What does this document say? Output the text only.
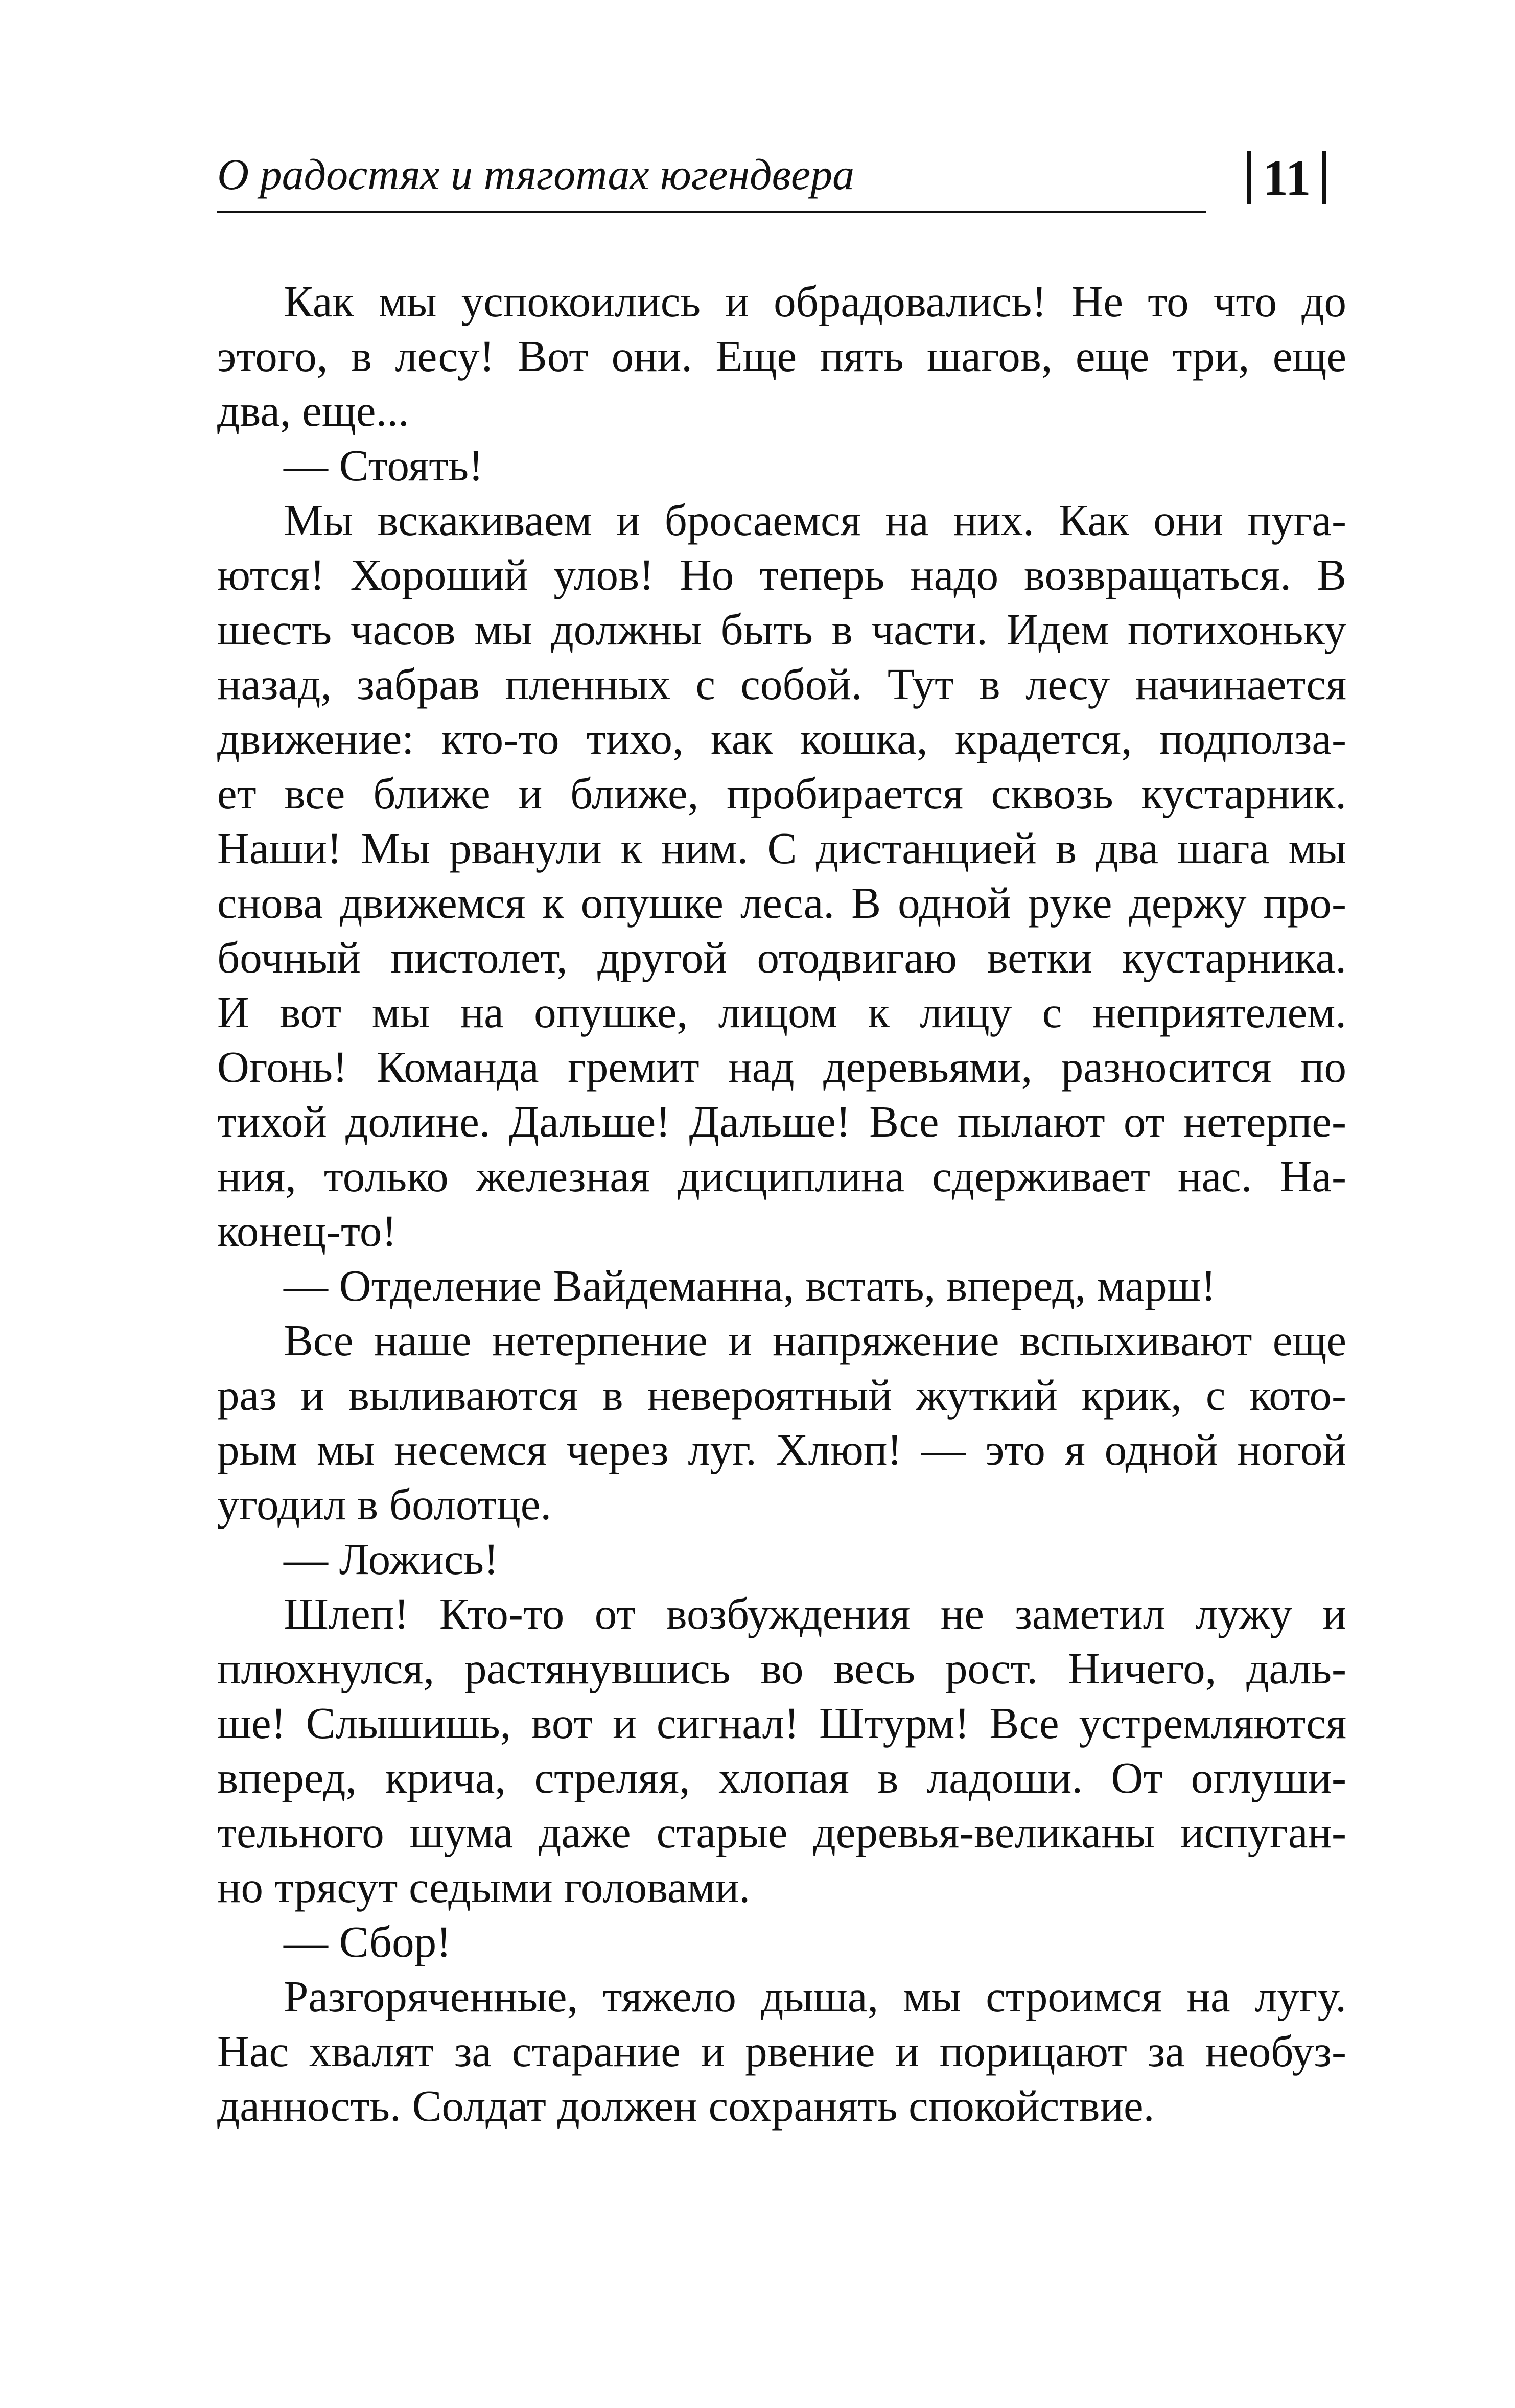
О радостях и тяготах югендвера	11
Как мы успокоились и обрадовались! Не то что до
этого, в лесу! Вот они. Еще пять шагов, еще три, еще
два, еще...
— Стоять!
Мы вскакиваем и бросаемся на них. Как они пуга-
ются! Хороший улов! Но теперь надо возвращаться. В
шесть часов мы должны быть в части. Идем потихоньку
назад, забрав пленных с собой. Тут в лесу начинается
движение: кто-то тихо, как кошка, крадется, подполза-
ет все ближе и ближе, пробирается сквозь кустарник.
Наши! Мы рванули к ним. С дистанцией в два шага мы
снова движемся к опушке леса. В одной руке держу про-
бочный пистолет, другой отодвигаю ветки кустарника.
И вот мы на опушке, лицом к лицу с неприятелем.
Огонь! Команда гремит над деревьями, разносится по
тихой долине. Дальше! Дальше! Все пылают от нетерпе-
ния, только железная дисциплина сдерживает нас. На-
конец-то!
— Отделение Вайдеманна, встать, вперед, марш!
Все наше нетерпение и напряжение вспыхивают еще
раз и выливаются в невероятный жуткий крик, с кото-
рым мы несемся через луг. Хлюп! — это я одной ногой
угодил в болотце.
— Ложись!
Шлеп! Кто-то от возбуждения не заметил лужу и
плюхнулся, растянувшись во весь рост. Ничего, даль-
ше! Слышишь, вот и сигнал! Штурм! Все устремляются
вперед, крича, стреляя, хлопая в ладоши. От оглуши-
тельного шума даже старые деревья-великаны испуган-
но трясут седыми головами.
— Сбор!
Разгоряченные, тяжело дыша, мы строимся на лугу.
Нас хвалят за старание и рвение и порицают за необуз-
данность. Солдат должен сохранять спокойствие.
